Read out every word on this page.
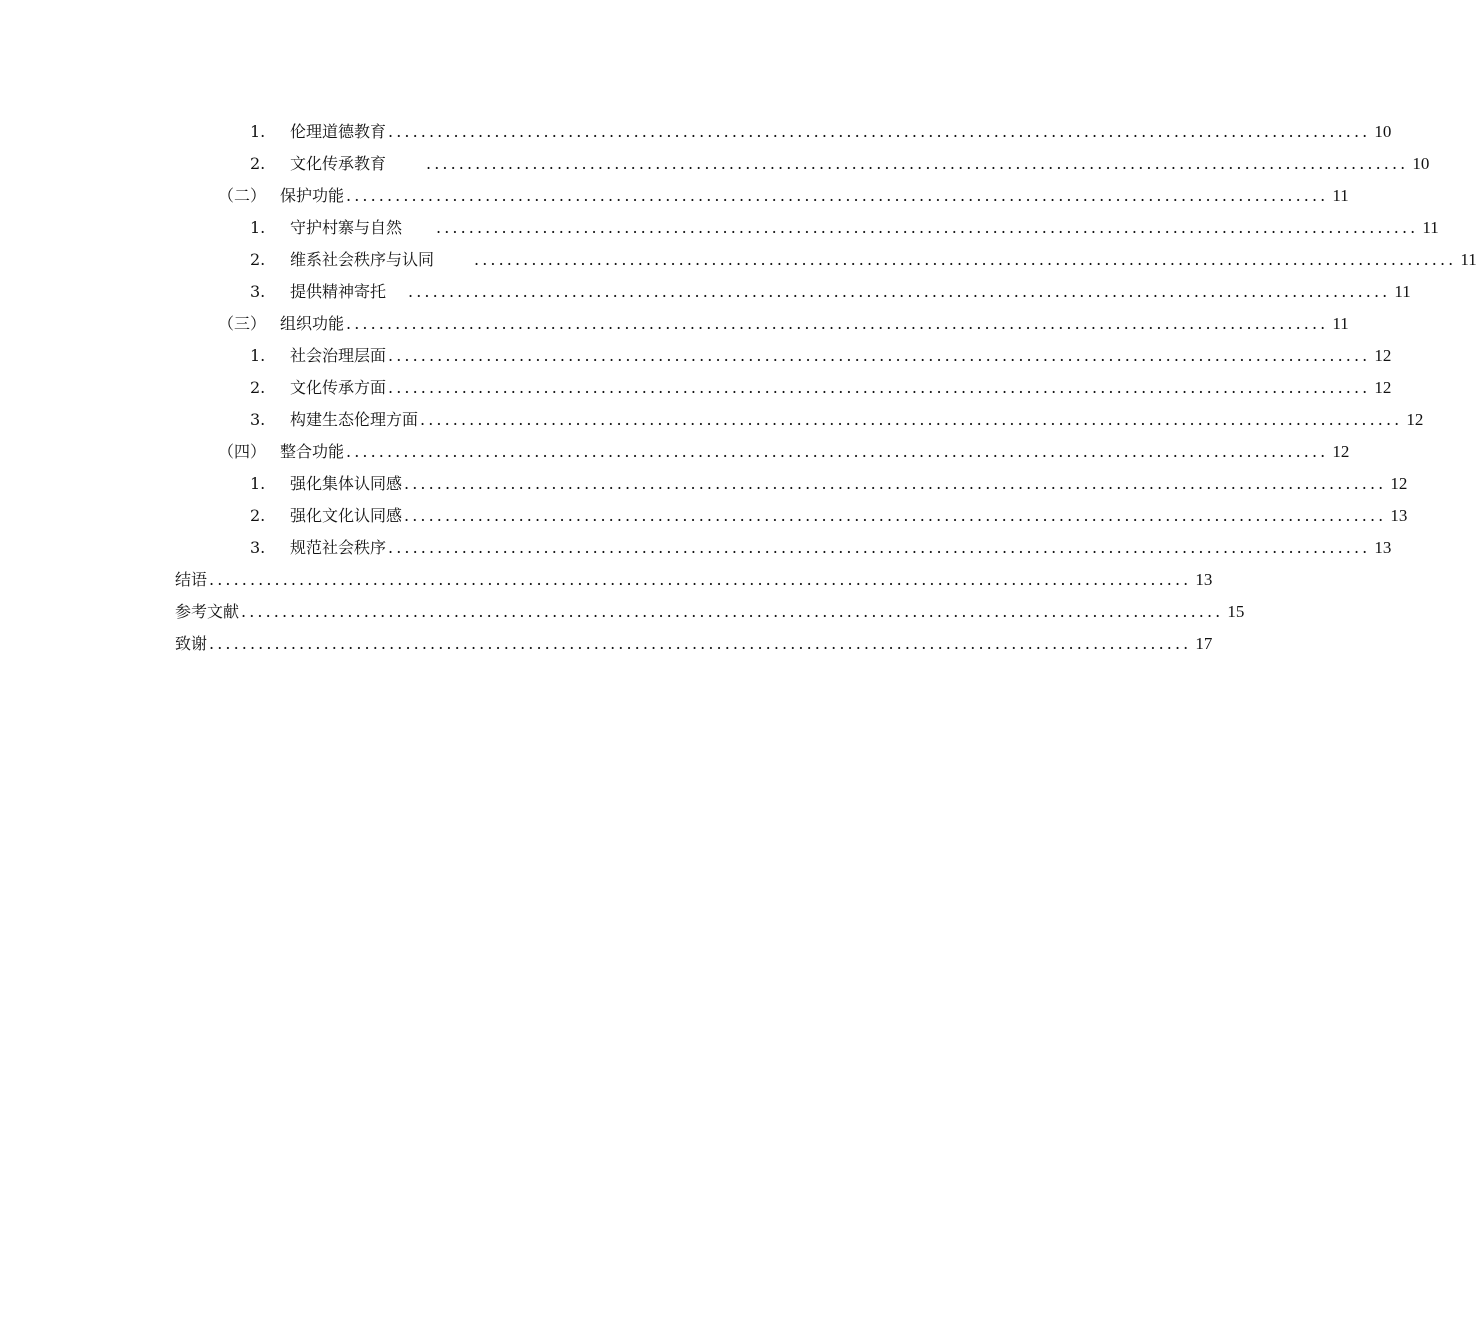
1.	伦理道德教育 ........................................................................................................................ 10
2.	文化传承教育	........................................................................................................................ 10
（二） 保护功能 ........................................................................................................................ 11
1.	守护村寨与自然	........................................................................................................................ 11
2.	维系社会秩序与认同	........................................................................................................................ 11
3.	提供精神寄托	........................................................................................................................ 11
（三） 组织功能 ........................................................................................................................ 11
1.	社会治理层面 ........................................................................................................................ 12
2.	文化传承方面 ........................................................................................................................ 12
3.	构建生态伦理方面 ........................................................................................................................ 12
（四） 整合功能 ........................................................................................................................ 12
1.	强化集体认同感 ........................................................................................................................ 12
2.	强化文化认同感 ........................................................................................................................ 13
3.	规范社会秩序 ........................................................................................................................ 13
结语 ........................................................................................................................ 13
参考文献 ........................................................................................................................ 15
致谢 ........................................................................................................................ 17
